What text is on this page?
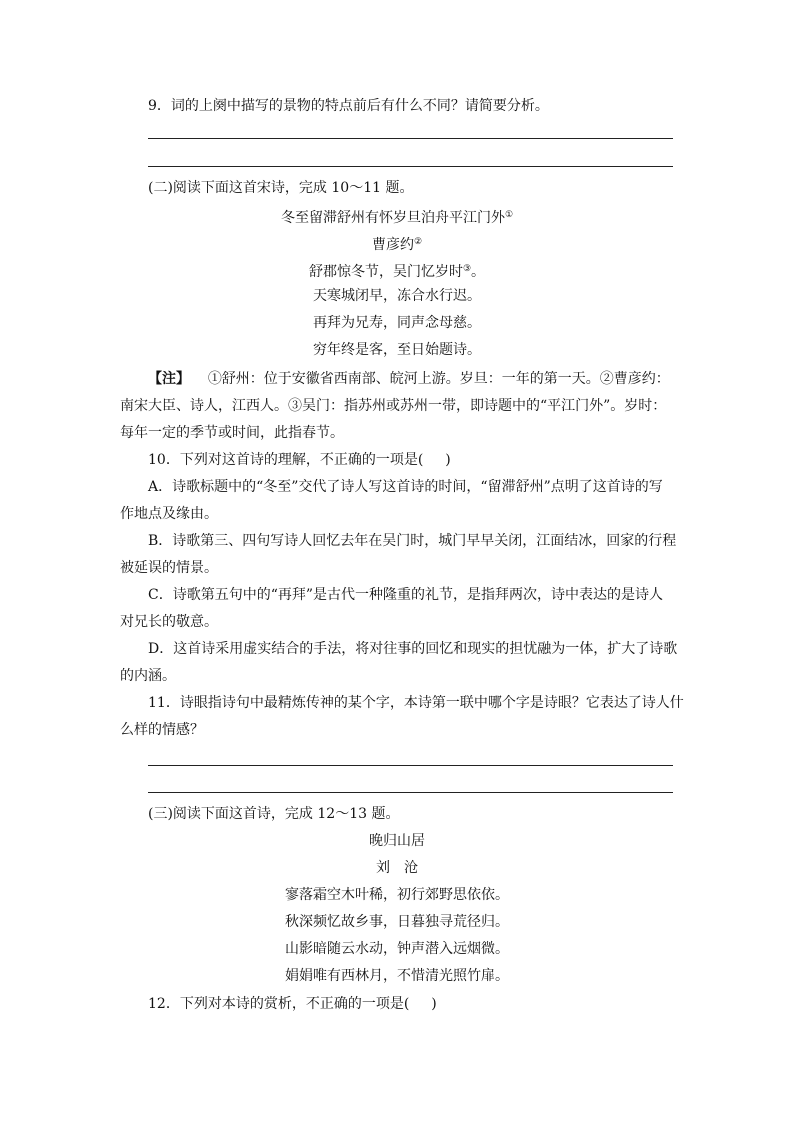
9．词的上阕中描写的景物的特点前后有什么不同？请简要分析。
(二)阅读下面这首宋诗，完成 10～11 题。
冬至留滞舒州有怀岁旦泊舟平江门外①
曹彦约②
舒郡惊冬节，吴门忆岁时③。
天寒城闭早，冻合水行迟。
再拜为兄寿，同声念母慈。
穷年终是客，至日始题诗。
【注】 ①舒州：位于安徽省西南部、皖河上游。岁旦：一年的第一天。②曹彦约：
南宋大臣、诗人，江西人。③吴门：指苏州或苏州一带，即诗题中的“平江门外”。岁时：
每年一定的季节或时间，此指春节。
10．下列对这首诗的理解，不正确的一项是( )
A．诗歌标题中的“冬至”交代了诗人写这首诗的时间，“留滞舒州”点明了这首诗的写
作地点及缘由。
B．诗歌第三、四句写诗人回忆去年在吴门时，城门早早关闭，江面结冰，回家的行程
被延误的情景。
C．诗歌第五句中的“再拜”是古代一种隆重的礼节，是指拜两次，诗中表达的是诗人
对兄长的敬意。
D．这首诗采用虚实结合的手法，将对往事的回忆和现实的担忧融为一体，扩大了诗歌
的内涵。
11．诗眼指诗句中最精炼传神的某个字，本诗第一联中哪个字是诗眼？它表达了诗人什
么样的情感？
(三)阅读下面这首诗，完成 12～13 题。
晚归山居
刘　沧
寥落霜空木叶稀，初行郊野思依依。
秋深频忆故乡事，日暮独寻荒径归。
山影暗随云水动，钟声潜入远烟微。
娟娟唯有西林月，不惜清光照竹扉。
12．下列对本诗的赏析，不正确的一项是( )
